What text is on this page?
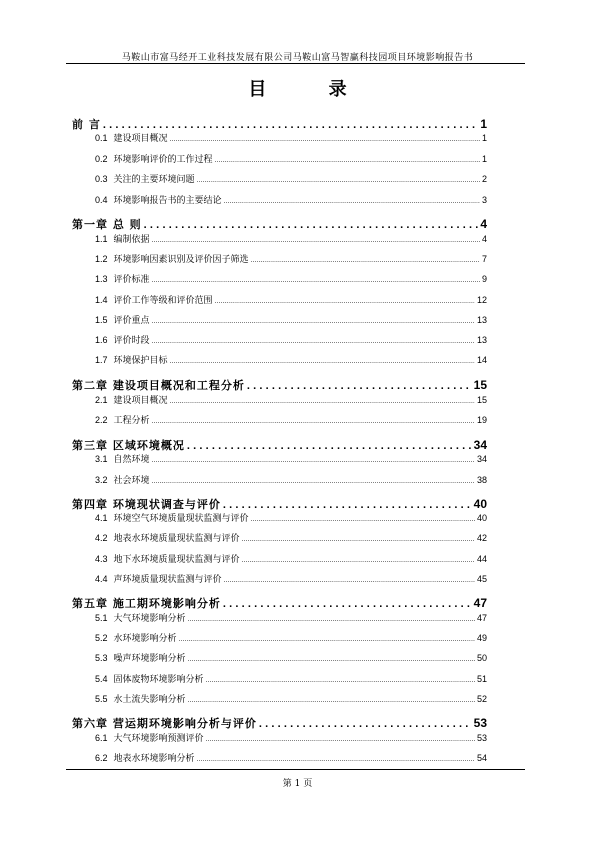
马鞍山市富马经开工业科技发展有限公司马鞍山富马智赢科技园项目环境影响报告书
目 录
前 言 .....	1
0.1 建设项目概况 .....	1
0.2 环境影响评价的工作过程 .....	1
0.3 关注的主要环境问题 .....	2
0.4 环境影响报告书的主要结论 .....	3
第一章 总 则 .....	4
1.1 编制依据 .....	4
1.2 环境影响因素识别及评价因子筛选 .....	7
1.3 评价标准 .....	9
1.4 评价工作等级和评价范围 .....	12
1.5 评价重点 .....	13
1.6 评价时段 .....	13
1.7 环境保护目标 .....	14
第二章 建设项目概况和工程分析 .....	15
2.1 建设项目概况 .....	15
2.2 工程分析 .....	19
第三章 区域环境概况 .....	34
3.1 自然环境 .....	34
3.2 社会环境 .....	38
第四章 环境现状调查与评价 .....	40
4.1 环境空气环境质量现状监测与评价 .....	40
4.2 地表水环境质量现状监测与评价 .....	42
4.3 地下水环境质量现状监测与评价 .....	44
4.4 声环境质量现状监测与评价 .....	45
第五章 施工期环境影响分析 .....	47
5.1 大气环境影响分析 .....	47
5.2 水环境影响分析 .....	49
5.3 噪声环境影响分析 .....	50
5.4 固体废物环境影响分析 .....	51
5.5 水土流失影响分析 .....	52
第六章 营运期环境影响分析与评价 .....	53
6.1 大气环境影响预测评价 .....	53
6.2 地表水环境影响分析 .....	54
第 1 页
